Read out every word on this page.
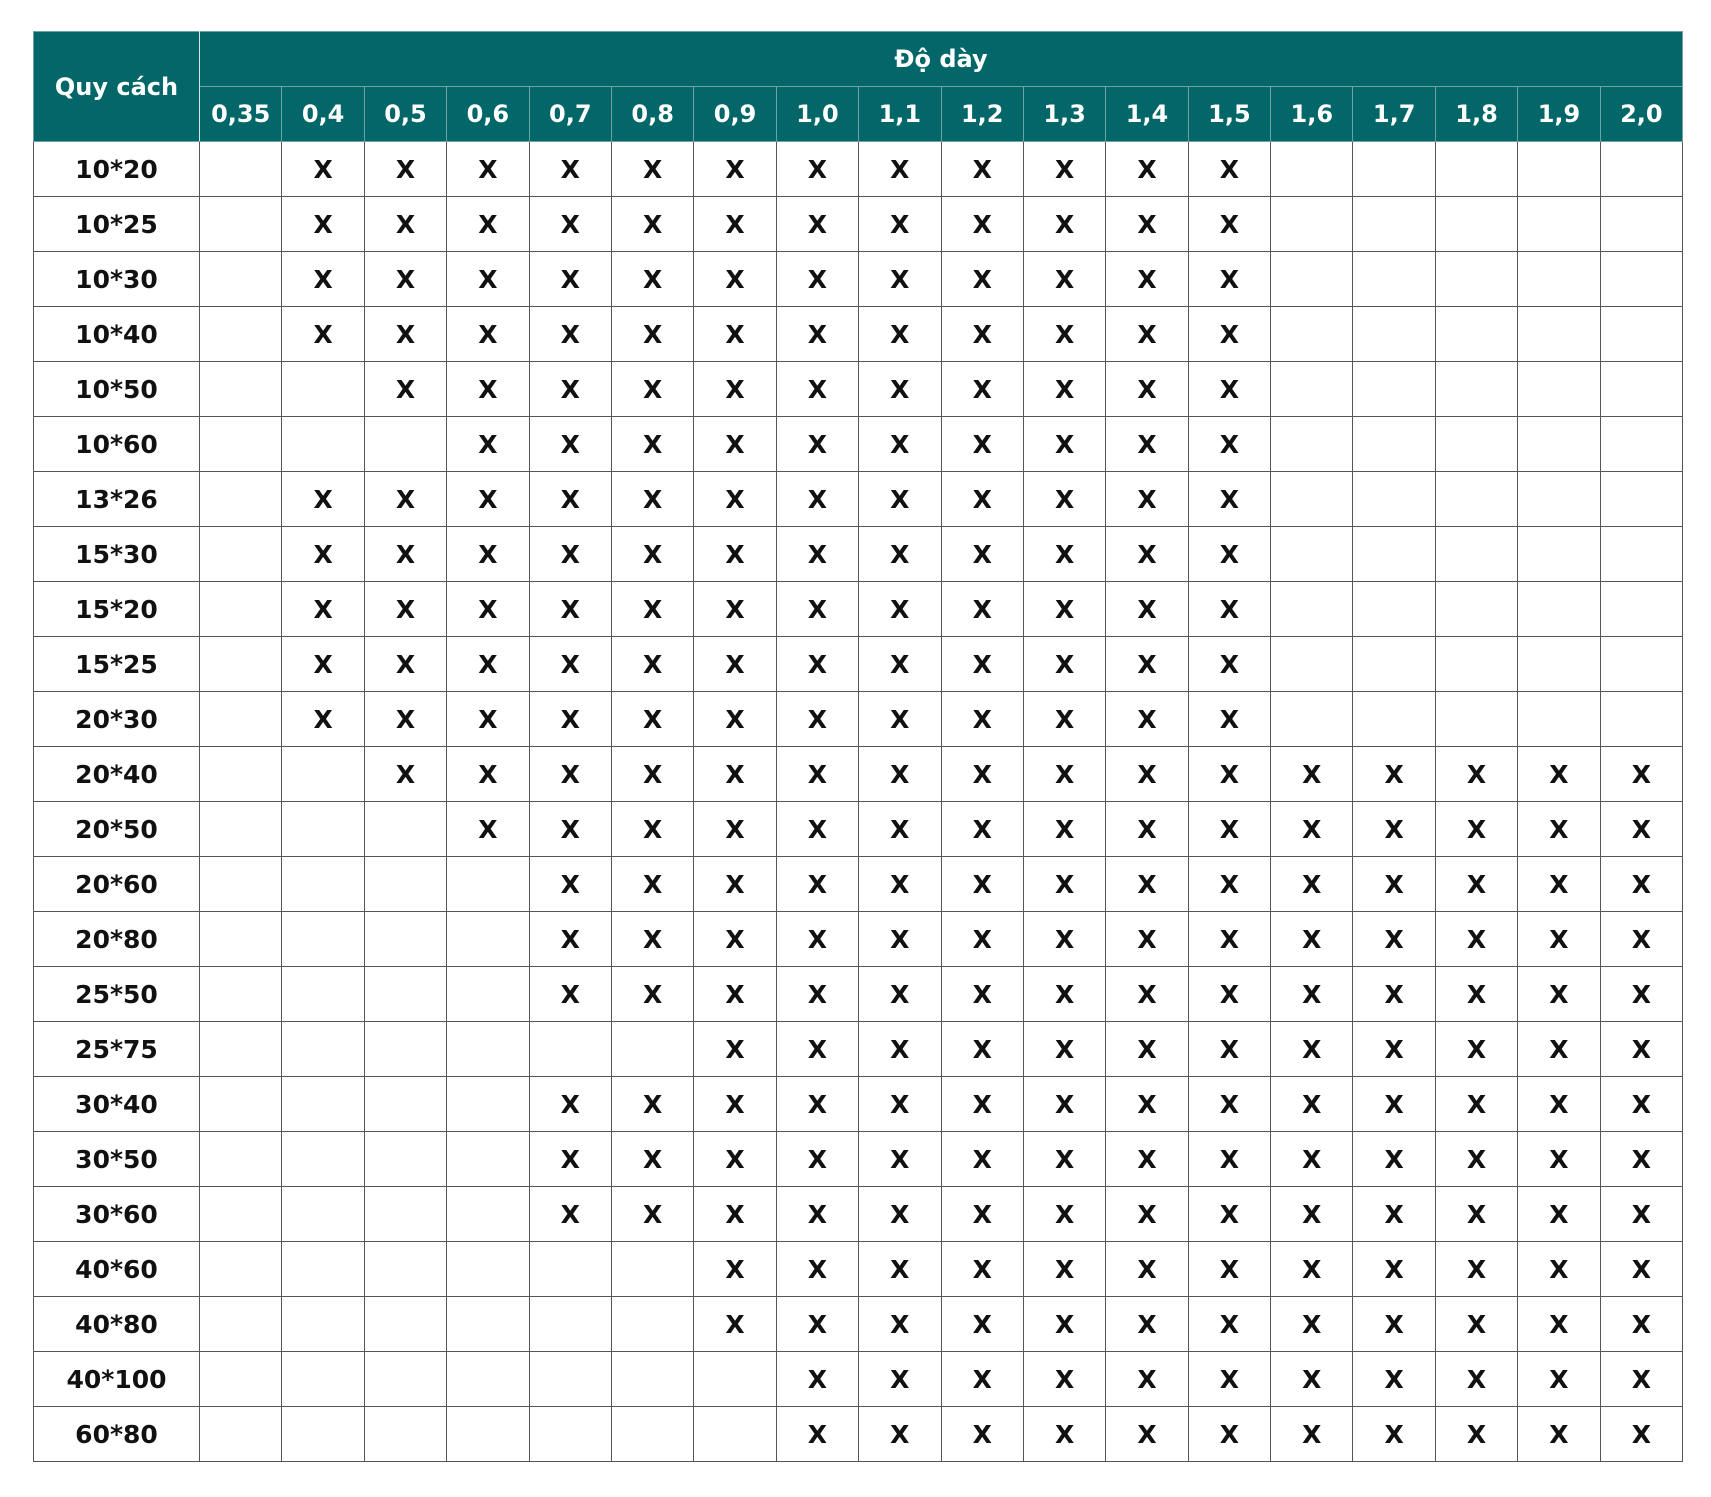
Quy cách	Độ dày																	
	0,35	0,4	0,5	0,6	0,7	0,8	0,9	1,0	1,1	1,2	1,3	1,4	1,5	1,6	1,7	1,8	1,9	2,0
10*20		X	X	X	X	X	X	X	X	X	X	X	X					
10*25		X	X	X	X	X	X	X	X	X	X	X	X					
10*30		X	X	X	X	X	X	X	X	X	X	X	X					
10*40		X	X	X	X	X	X	X	X	X	X	X	X					
10*50			X	X	X	X	X	X	X	X	X	X	X					
10*60				X	X	X	X	X	X	X	X	X	X					
13*26		X	X	X	X	X	X	X	X	X	X	X	X					
15*30		X	X	X	X	X	X	X	X	X	X	X	X					
15*20		X	X	X	X	X	X	X	X	X	X	X	X					
15*25		X	X	X	X	X	X	X	X	X	X	X	X					
20*30		X	X	X	X	X	X	X	X	X	X	X	X					
20*40			X	X	X	X	X	X	X	X	X	X	X	X	X	X	X	X
20*50				X	X	X	X	X	X	X	X	X	X	X	X	X	X	X
20*60					X	X	X	X	X	X	X	X	X	X	X	X	X	X
20*80					X	X	X	X	X	X	X	X	X	X	X	X	X	X
25*50					X	X	X	X	X	X	X	X	X	X	X	X	X	X
25*75							X	X	X	X	X	X	X	X	X	X	X	X
30*40					X	X	X	X	X	X	X	X	X	X	X	X	X	X
30*50					X	X	X	X	X	X	X	X	X	X	X	X	X	X
30*60					X	X	X	X	X	X	X	X	X	X	X	X	X	X
40*60							X	X	X	X	X	X	X	X	X	X	X	X
40*80							X	X	X	X	X	X	X	X	X	X	X	X
40*100								X	X	X	X	X	X	X	X	X	X	X
60*80								X	X	X	X	X	X	X	X	X	X	X
